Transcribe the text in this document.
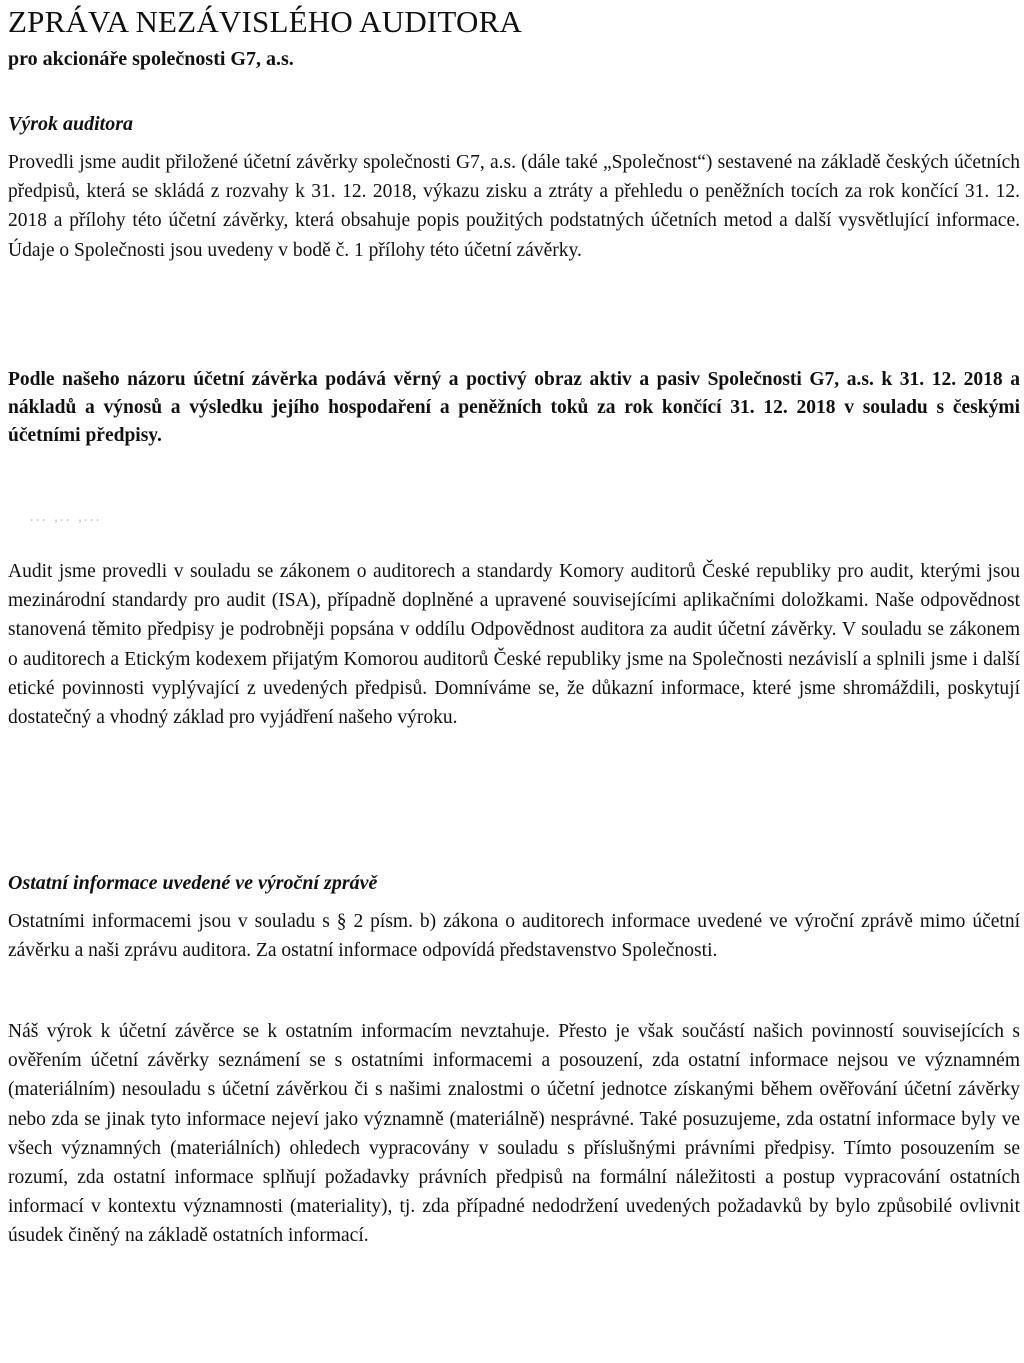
ZPRÁVA NEZÁVISLÉHO AUDITORA

pro akcionáře společnosti G7, a.s.

Výrok auditora

Provedli jsme audit přiložené účetní závěrky společnosti G7, a.s. (dále také „Společnost“) sestavené na základě českých účetních předpisů, která se skládá z rozvahy k 31. 12. 2018, výkazu zisku a ztráty a přehledu o peněžních tocích za rok končící 31. 12. 2018 a přílohy této účetní závěrky, která obsahuje popis použitých podstatných účetních metod a další vysvětlující informace. Údaje o Společnosti jsou uvedeny v bodě č. 1 přílohy této účetní závěrky.

Podle našeho názoru účetní závěrka podává věrný a poctivý obraz aktiv a pasiv Společnosti G7, a.s. k 31. 12. 2018 a nákladů a výnosů a výsledku jejího hospodaření a peněžních toků za rok končící 31. 12. 2018 v souladu s českými účetními předpisy.

... ,.. ,...

Audit jsme provedli v souladu se zákonem o auditorech a standardy Komory auditorů České republiky pro audit, kterými jsou mezinárodní standardy pro audit (ISA), případně doplněné a upravené souvisejícími aplikačními doložkami. Naše odpovědnost stanovená těmito předpisy je podrobněji popsána v oddílu Odpovědnost auditora za audit účetní závěrky. V souladu se zákonem o auditorech a Etickým kodexem přijatým Komorou auditorů České republiky jsme na Společnosti nezávislí a splnili jsme i další etické povinnosti vyplývající z uvedených předpisů. Domníváme se, že důkazní informace, které jsme shromáždili, poskytují dostatečný a vhodný základ pro vyjádření našeho výroku.

Ostatní informace uvedené ve výroční zprávě

Ostatními informacemi jsou v souladu s § 2 písm. b) zákona o auditorech informace uvedené ve výroční zprávě mimo účetní závěrku a naši zprávu auditora. Za ostatní informace odpovídá představenstvo Společnosti.

Náš výrok k účetní závěrce se k ostatním informacím nevztahuje. Přesto je však součástí našich povinností souvisejících s ověřením účetní závěrky seznámení se s ostatními informacemi a posouzení, zda ostatní informace nejsou ve významném (materiálním) nesouladu s účetní závěrkou či s našimi znalostmi o účetní jednotce získanými během ověřování účetní závěrky nebo zda se jinak tyto informace nejeví jako významně (materiálně) nesprávné. Také posuzujeme, zda ostatní informace byly ve všech významných (materiálních) ohledech vypracovány v souladu s příslušnými právními předpisy. Tímto posouzením se rozumí, zda ostatní informace splňují požadavky právních předpisů na formální náležitosti a postup vypracování ostatních informací v kontextu významnosti (materiality), tj. zda případné nedodržení uvedených požadavků by bylo způsobilé ovlivnit úsudek činěný na základě ostatních informací.
